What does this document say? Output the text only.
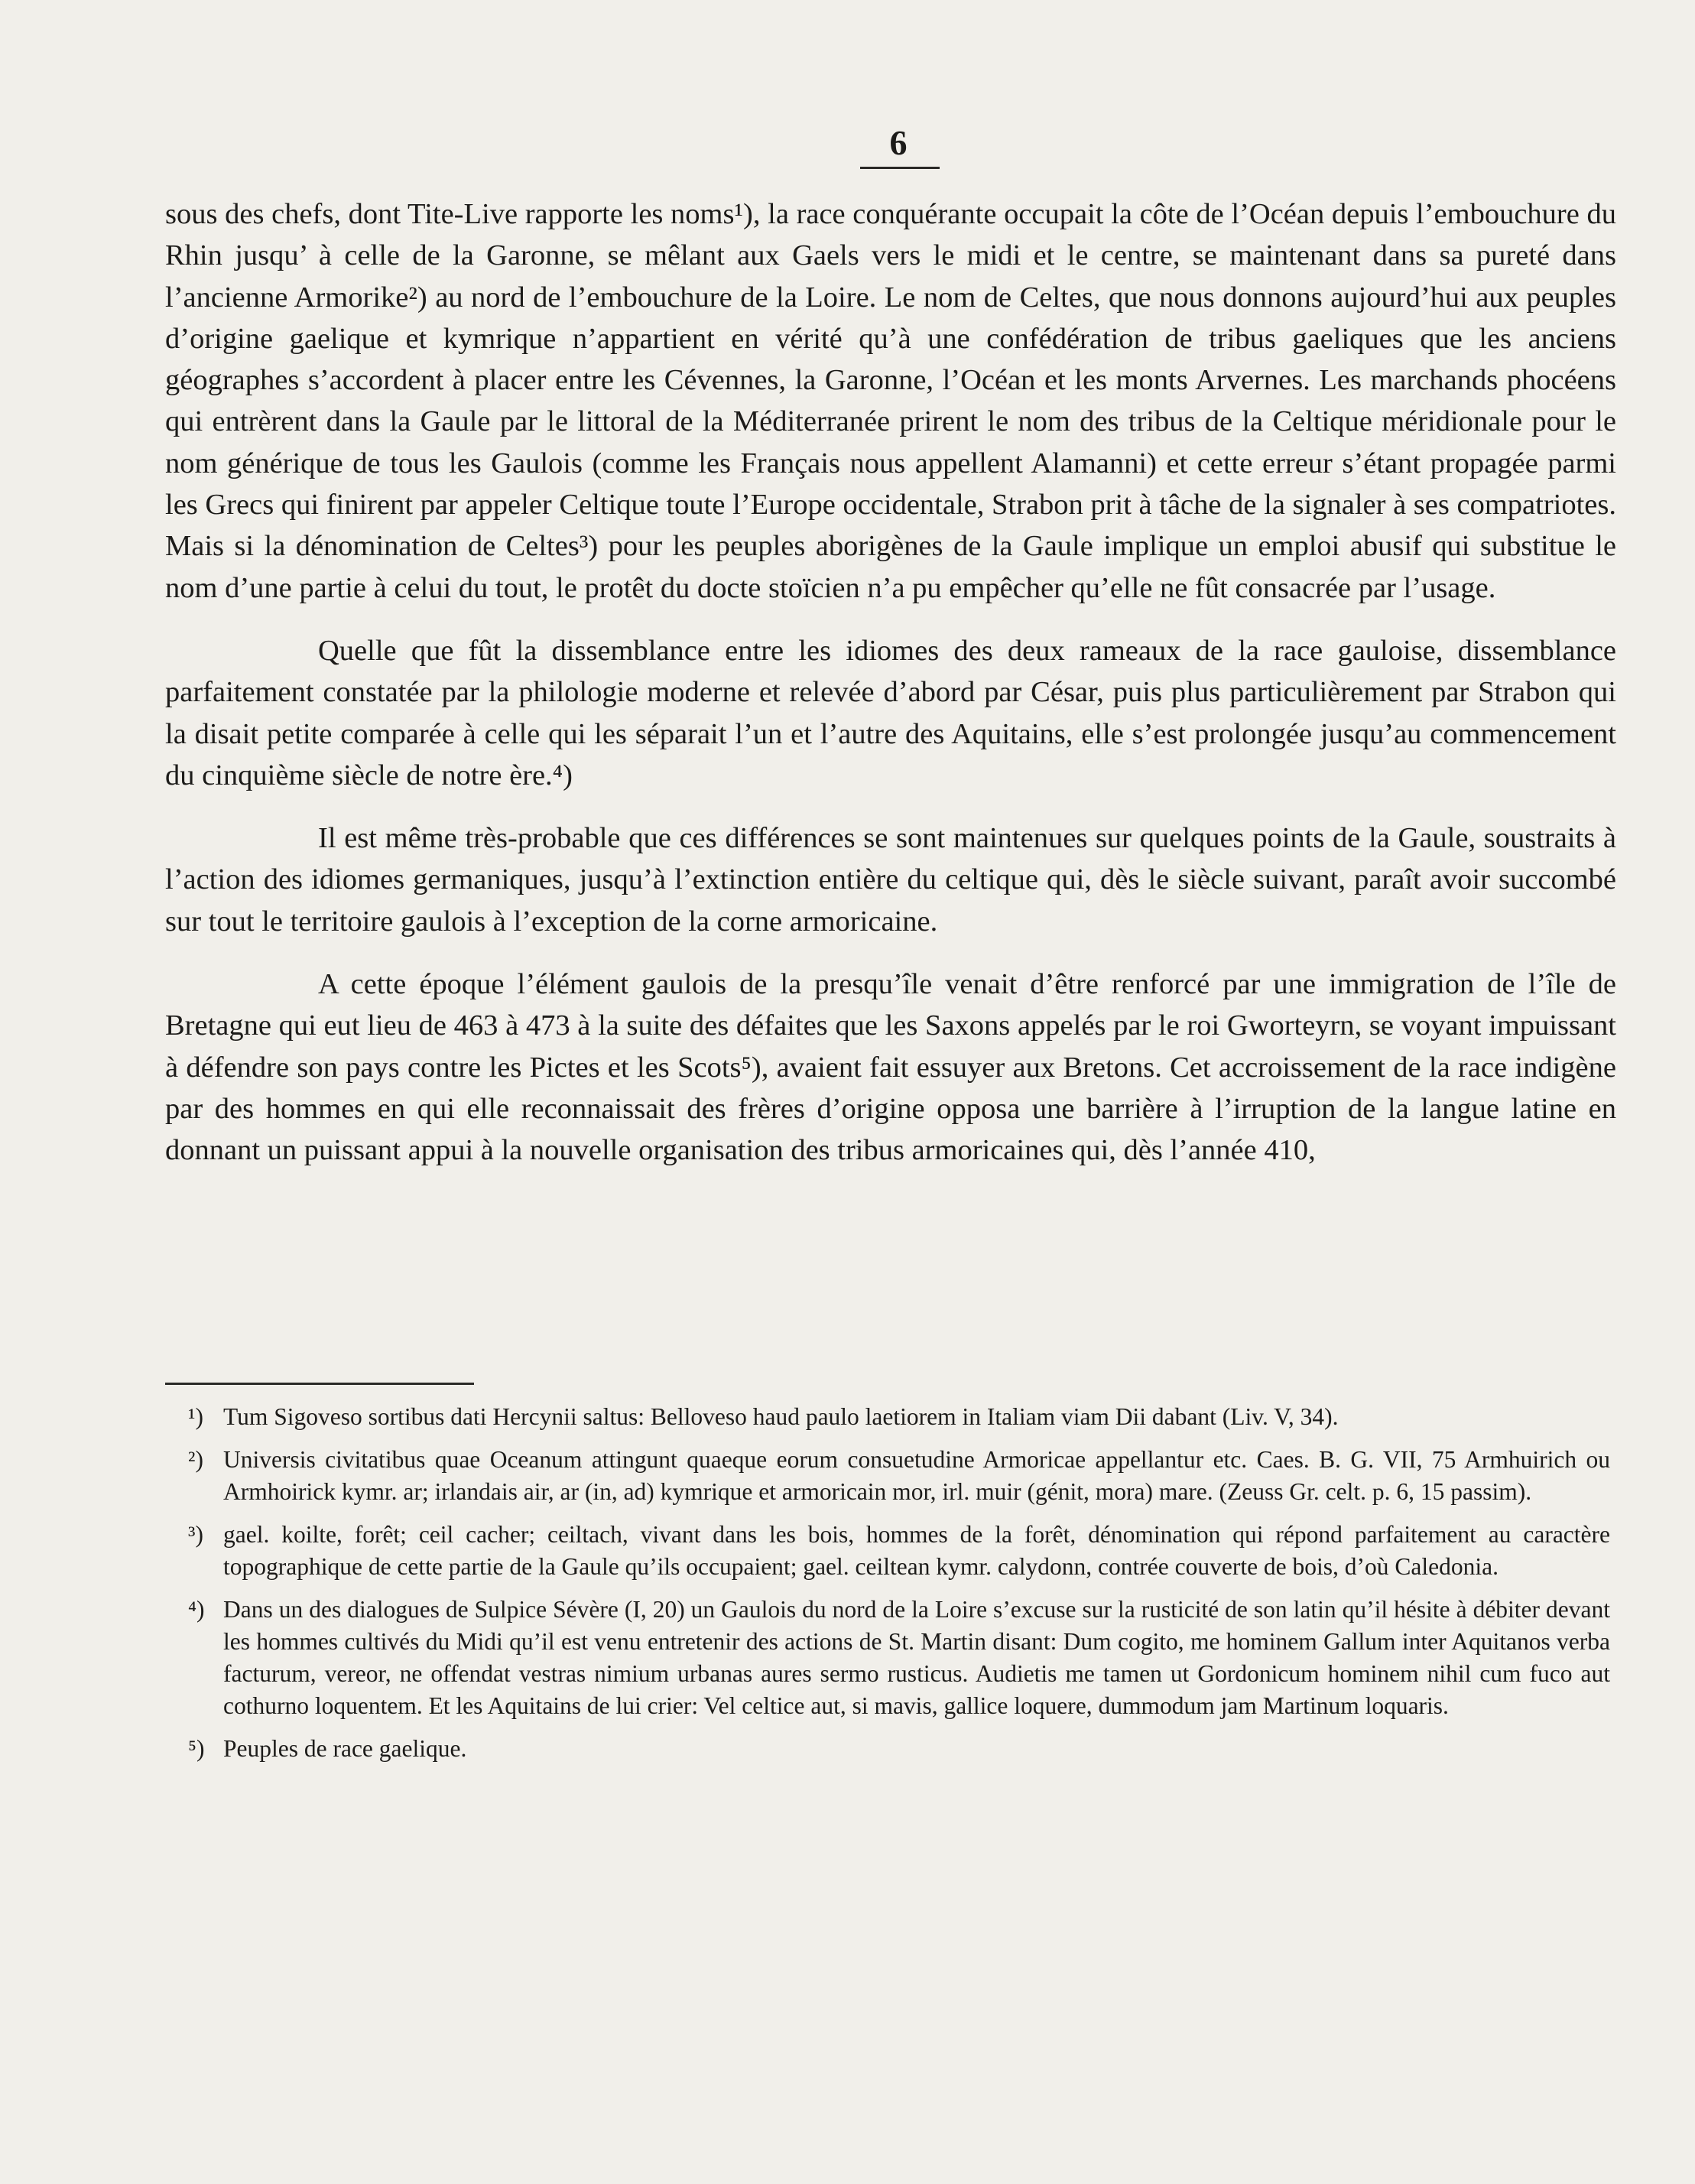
6

sous des chefs, dont Tite-Live rapporte les noms¹), la race conquérante occupait la côte de l’Océan depuis l’embouchure du Rhin jusqu’ à celle de la Garonne, se mêlant aux Gaels vers le midi et le centre, se maintenant dans sa pureté dans l’ancienne Armorike²) au nord de l’embouchure de la Loire. Le nom de Celtes, que nous donnons aujourd’hui aux peuples d’origine gaelique et kymrique n’appartient en vérité qu’à une confédération de tribus gaeliques que les anciens géographes s’accordent à placer entre les Cévennes, la Garonne, l’Océan et les monts Arvernes. Les marchands phocéens qui entrèrent dans la Gaule par le littoral de la Méditerranée prirent le nom des tribus de la Celtique méridionale pour le nom générique de tous les Gaulois (comme les Français nous appellent Alamanni) et cette erreur s’étant propagée parmi les Grecs qui finirent par appeler Celtique toute l’Europe occidentale, Strabon prit à tâche de la signaler à ses compatriotes. Mais si la dénomination de Celtes³) pour les peuples aborigènes de la Gaule implique un emploi abusif qui substitue le nom d’une partie à celui du tout, le protêt du docte stoïcien n’a pu empêcher qu’elle ne fût consacrée par l’usage.

Quelle que fût la dissemblance entre les idiomes des deux rameaux de la race gauloise, dissemblance parfaitement constatée par la philologie moderne et relevée d’abord par César, puis plus particulièrement par Strabon qui la disait petite comparée à celle qui les séparait l’un et l’autre des Aquitains, elle s’est prolongée jusqu’au commencement du cinquième siècle de notre ère.⁴)

Il est même très-probable que ces différences se sont maintenues sur quelques points de la Gaule, soustraits à l’action des idiomes germaniques, jusqu’à l’extinction entière du celtique qui, dès le siècle suivant, paraît avoir succombé sur tout le territoire gaulois à l’exception de la corne armoricaine.

A cette époque l’élément gaulois de la presqu’île venait d’être renforcé par une immigration de l’île de Bretagne qui eut lieu de 463 à 473 à la suite des défaites que les Saxons appelés par le roi Gworteyrn, se voyant impuissant à défendre son pays contre les Pictes et les Scots⁵), avaient fait essuyer aux Bretons. Cet accroissement de la race indigène par des hommes en qui elle reconnaissait des frères d’origine opposa une barrière à l’irruption de la langue latine en donnant un puissant appui à la nouvelle organisation des tribus armoricaines qui, dès l’année 410,

¹) Tum Sigoveso sortibus dati Hercynii saltus: Belloveso haud paulo laetiorem in Italiam viam Dii dabant (Liv. V, 34).
²) Universis civitatibus quae Oceanum attingunt quaeque eorum consuetudine Armoricae appellantur etc. Caes. B. G. VII, 75 Armhuirich ou Armhoirick kymr. ar; irlandais air, ar (in, ad) kymrique et armoricain mor, irl. muir (génit, mora) mare. (Zeuss Gr. celt. p. 6, 15 passim).
³) gael. koilte, forêt; ceil cacher; ceiltach, vivant dans les bois, hommes de la forêt, dénomination qui répond parfaitement au caractère topographique de cette partie de la Gaule qu’ils occupaient; gael. ceiltean kymr. calydonn, contrée couverte de bois, d’où Caledonia.
⁴) Dans un des dialogues de Sulpice Sévère (I, 20) un Gaulois du nord de la Loire s’excuse sur la rusticité de son latin qu’il hésite à débiter devant les hommes cultivés du Midi qu’il est venu entretenir des actions de St. Martin disant: Dum cogito, me hominem Gallum inter Aquitanos verba facturum, vereor, ne offendat vestras nimium urbanas aures sermo rusticus. Audietis me tamen ut Gordonicum hominem nihil cum fuco aut cothurno loquentem. Et les Aquitains de lui crier: Vel celtice aut, si mavis, gallice loquere, dummodum jam Martinum loquaris.
⁵) Peuples de race gaelique.
